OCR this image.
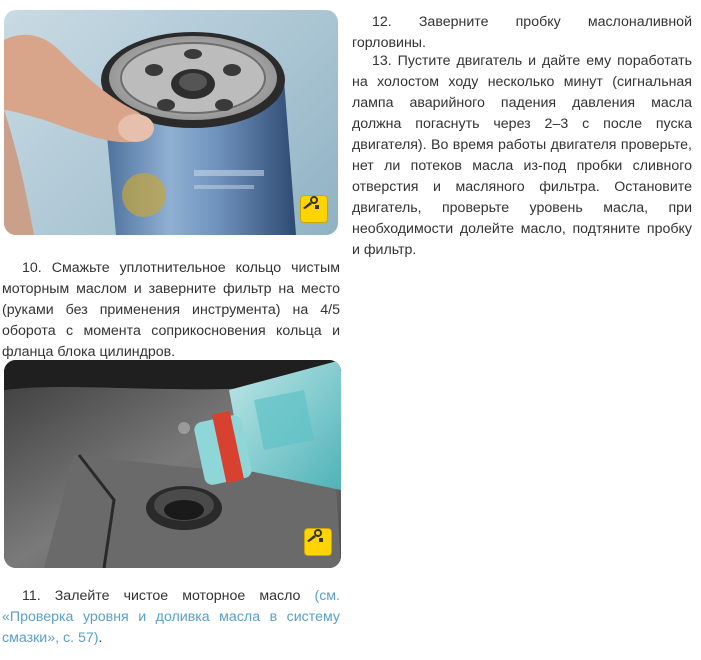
10. Смажьте уплотнительное кольцо чистым моторным маслом и заверните фильтр на место (руками без применения инструмента) на 4/5 оборота с момента соприкосновения кольца и фланца блока цилиндров.

11. Залейте чистое моторное масло (см. «Проверка уровня и доливка масла в систему смазки», с. 57).

12. Заверните пробку маслоналивной горловины.

13. Пустите двигатель и дайте ему поработать на холостом ходу несколько минут (сигнальная лампа аварийного падения давления масла должна погаснуть через 2–3 с после пуска двигателя). Во время работы двигателя проверьте, нет ли потеков масла из-под пробки сливного отверстия и масляного фильтра. Остановите двигатель, проверьте уровень масла, при необходимости долейте масло, подтяните пробку и фильтр.
